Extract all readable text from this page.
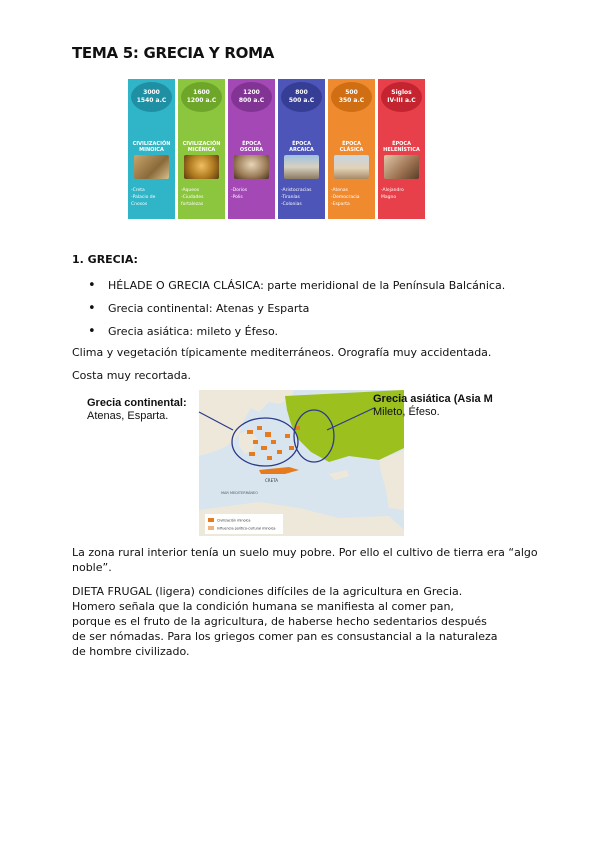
TEMA 5: GRECIA Y ROMA
3000
1540 a.C
CIVILIZACIÓN
MINOICA
-Creta
-Palacio de
Cnosos
1600
1200 a.C
CIVILIZACIÓN
MICÉNICA
-Aqueos
-Ciudades
fortalezas
1200
800 a.C
ÉPOCA
OSCURA
-Dorios
-Polis
800
500 a.C
ÉPOCA
ARCAICA
-Aristocracias
-Tiranías
-Colonias
500
350 a.C
ÉPOCA
CLÁSICA
-Atenas
-Democracia
-Esparta
Siglos
IV-III a.C
ÉPOCA
HELENÍSTICA
-Alejandro
Magno
1. GRECIA:
• HÉLADE O GRECIA CLÁSICA: parte meridional de la Península Balcánica.
• Grecia continental: Atenas y Esparta
• Grecia asiática: mileto y Éfeso.
Clima y vegetación típicamente mediterráneos. Orografía muy accidentada.
Costa muy recortada.
CRETA
MAR MEDITERRÁNEO
Civilización minoica
Influencia político-cultural minoica
Grecia continental:
Atenas, Esparta.
Grecia asiática (Asia M
Mileto, Éfeso.
La zona rural interior tenía un suelo muy pobre. Por ello el cultivo de tierra era “algo
noble”.
DIETA FRUGAL (ligera) condiciones difíciles de la agricultura en Grecia.
Homero señala que la condición humana se manifiesta al comer pan,
porque es el fruto de la agricultura, de haberse hecho sedentarios después
de ser nómadas. Para los griegos comer pan es consustancial a la naturaleza
de hombre civilizado.
